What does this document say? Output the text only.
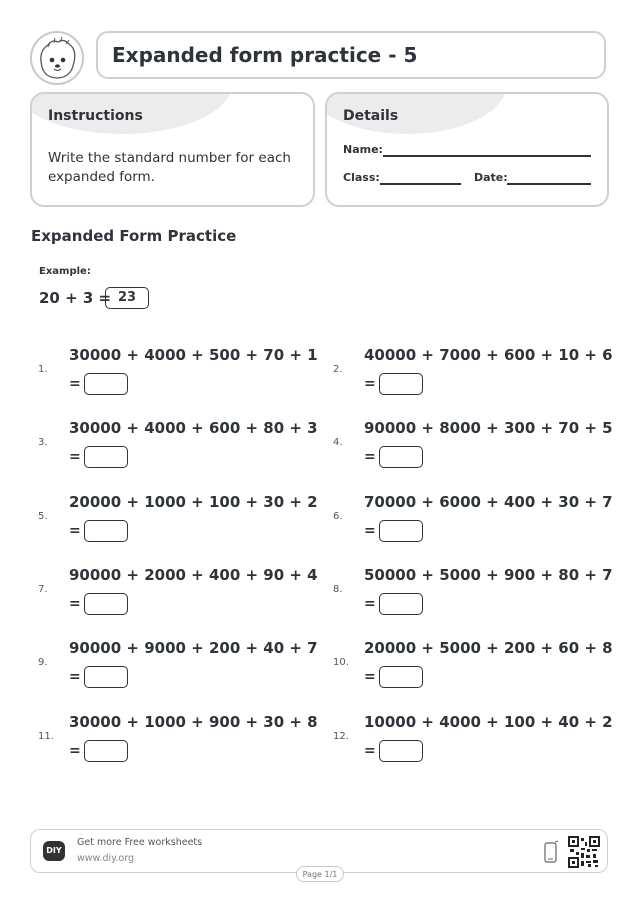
Expanded form practice - 5
Instructions
Write the standard number for each expanded form.
Details
Name:
Class:	Date:
Expanded Form Practice
Example:
20 + 3 = 23
1.
30000 + 4000 + 500 + 70 + 1
=
2.
40000 + 7000 + 600 + 10 + 6
=
3.
30000 + 4000 + 600 + 80 + 3
=
4.
90000 + 8000 + 300 + 70 + 5
=
5.
20000 + 1000 + 100 + 30 + 2
=
6.
70000 + 6000 + 400 + 30 + 7
=
7.
90000 + 2000 + 400 + 90 + 4
=
8.
50000 + 5000 + 900 + 80 + 7
=
9.
90000 + 9000 + 200 + 40 + 7
=
10.
20000 + 5000 + 200 + 60 + 8
=
11.
30000 + 1000 + 900 + 30 + 8
=
12.
10000 + 4000 + 100 + 40 + 2
=
DIY
Get more Free worksheets
www.diy.org
Page 1/1
